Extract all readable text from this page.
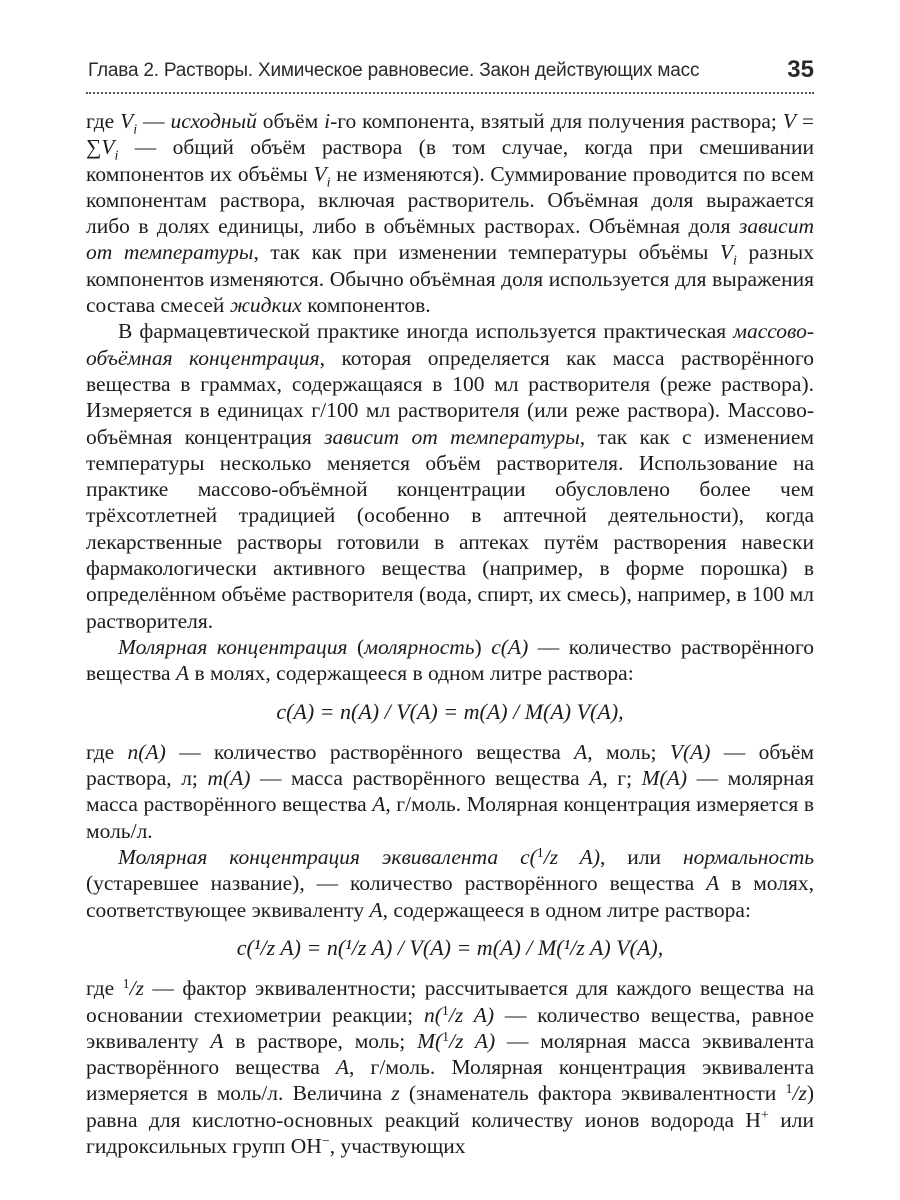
Глава 2. Растворы. Химическое равновесие. Закон действующих масс	35

где $V_i$ — исходный объём i-го компонента, взятый для получения раствора; $V = \sum V_i$ — общий объём раствора (в том случае, когда при смешивании компонентов их объёмы $V_i$ не изменяются). Суммирование проводится по всем компонентам раствора, включая растворитель. Объёмная доля выражается либо в долях единицы, либо в объёмных растворах. Объёмная доля зависит от температуры, так как при изменении температуры объёмы $V_i$ разных компонентов изменяются. Обычно объёмная доля используется для выражения состава смесей жидких компонентов.

В фармацевтической практике иногда используется практическая массово-объёмная концентрация, которая определяется как масса растворённого вещества в граммах, содержащаяся в 100 мл растворителя (реже раствора). Измеряется в единицах г/100 мл растворителя (или реже раствора). Массово-объёмная концентрация зависит от температуры, так как с изменением температуры несколько меняется объём растворителя. Использование на практике массово-объёмной концентрации обусловлено более чем трёхсотлетней традицией (особенно в аптечной деятельности), когда лекарственные растворы готовили в аптеках путём растворения навески фармакологически активного вещества (например, в форме порошка) в определённом объёме растворителя (вода, спирт, их смесь), например, в 100 мл растворителя.

Молярная концентрация (молярность) c(A) — количество растворённого вещества A в молях, содержащееся в одном литре раствора:

c(A) = n(A) / V(A) = m(A) / M(A) V(A),

где n(A) — количество растворённого вещества A, моль; V(A) — объём раствора, л; m(A) — масса растворённого вещества A, г; M(A) — молярная масса растворённого вещества A, г/моль. Молярная концентрация измеряется в моль/л.

Молярная концентрация эквивалента c($^1$/z A), или нормальность (устаревшее название), — количество растворённого вещества A в молях, соответствующее эквиваленту A, содержащееся в одном литре раствора:

c(¹/z A) = n(¹/z A) / V(A) = m(A) / M(¹/z A) V(A),

где $^1$/z — фактор эквивалентности; рассчитывается для каждого вещества на основании стехиометрии реакции; n($^1$/z A) — количество вещества, равное эквиваленту A в растворе, моль; M($^1$/z A) — молярная масса эквивалента растворённого вещества A, г/моль. Молярная концентрация эквивалента измеряется в моль/л. Величина z (знаменатель фактора эквивалентности $^1$/z) равна для кислотно-основных реакций количеству ионов водорода H+ или гидроксильных групп OH−, участвующих
